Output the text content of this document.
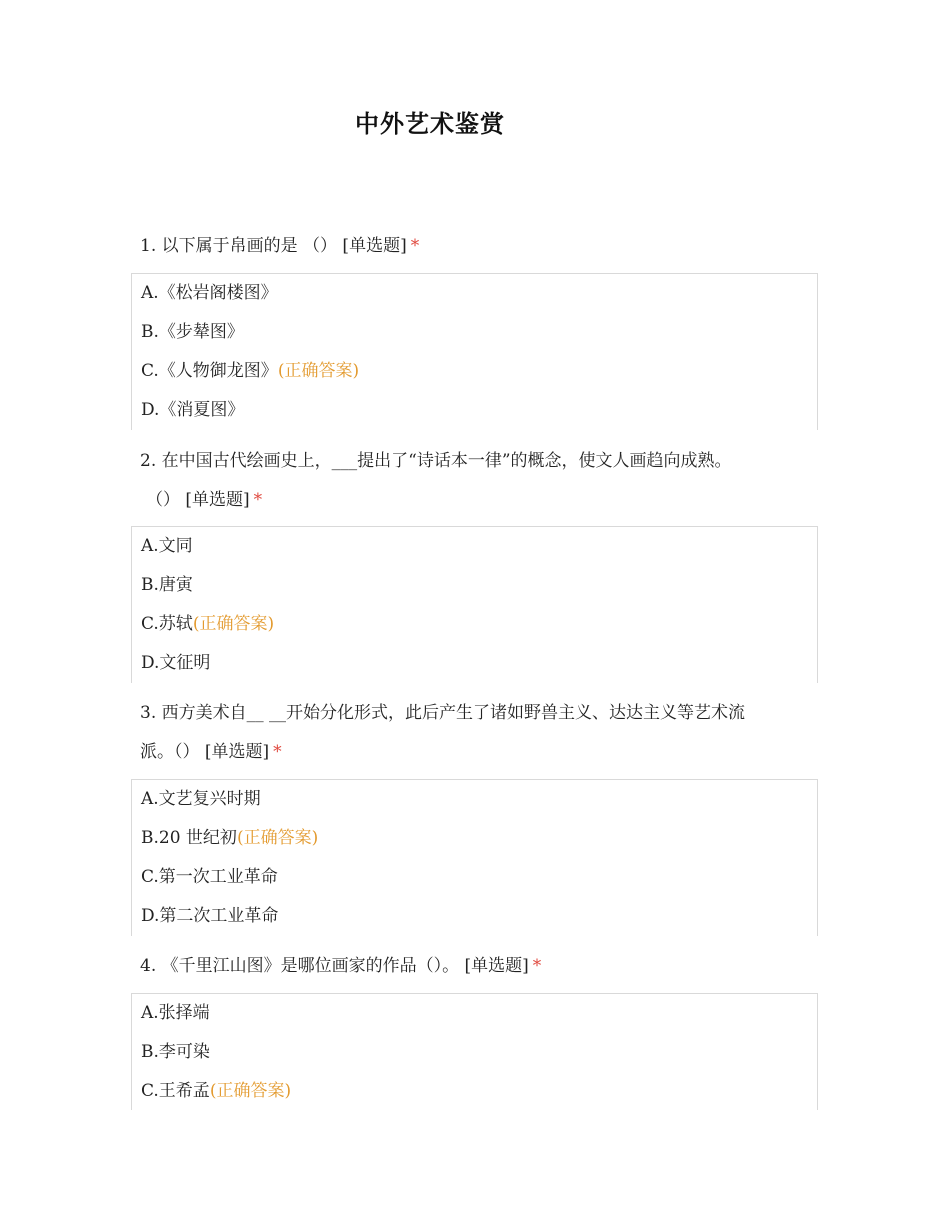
中外艺术鉴赏
1. 以下属于帛画的是 （） [单选题] *
A.《松岩阁楼图》
B.《步辇图》
C.《人物御龙图》(正确答案)
D.《消夏图》
2. 在中国古代绘画史上，___提出了“诗话本一律”的概念，使文人画趋向成熟。
（） [单选题] *
A.文同
B.唐寅
C.苏轼(正确答案)
D.文征明
3. 西方美术自__ __开始分化形式，此后产生了诸如野兽主义、达达主义等艺术流
派。（） [单选题] *
A.文艺复兴时期
B.20 世纪初(正确答案)
C.第一次工业革命
D.第二次工业革命
4. 《千里江山图》是哪位画家的作品（）。 [单选题] *
A.张择端
B.李可染
C.王希孟(正确答案)
